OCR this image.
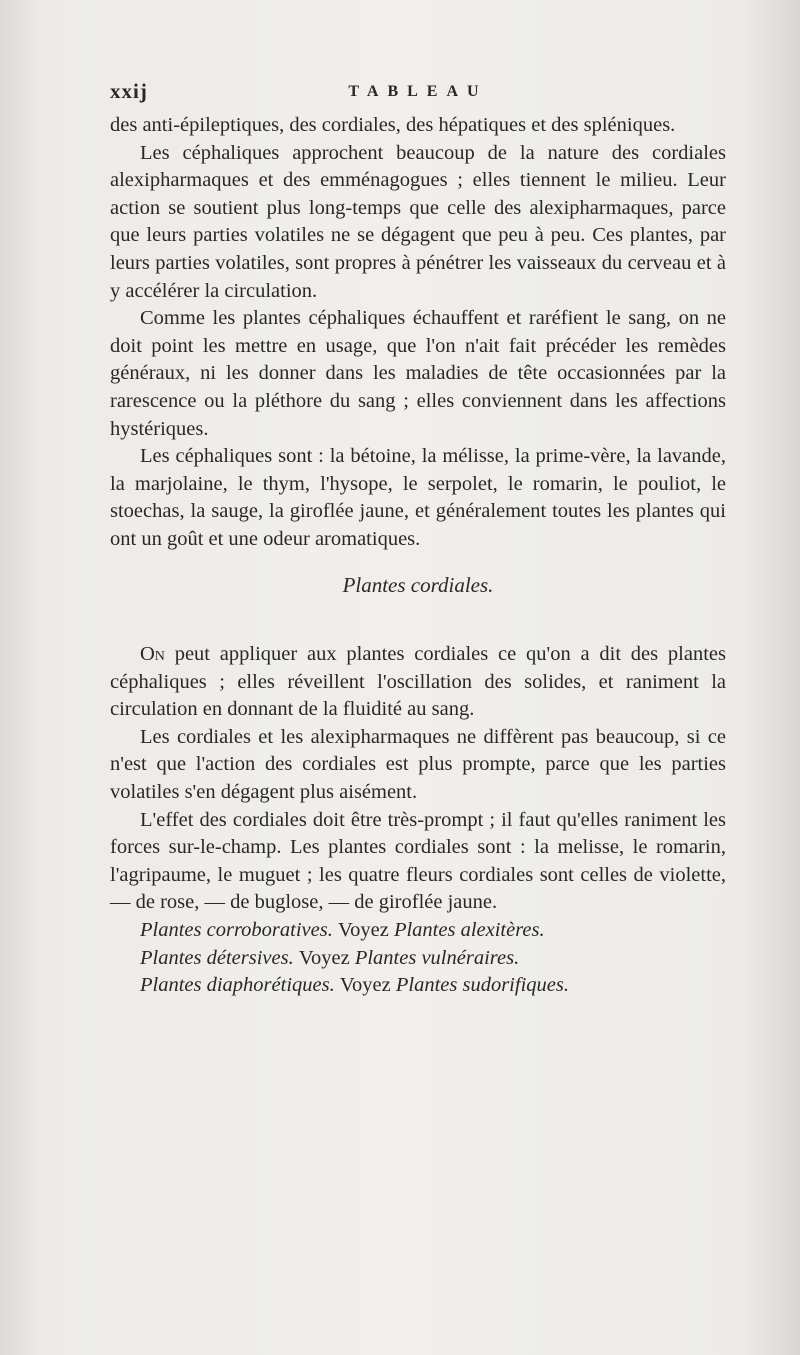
xxij	TABLEAU

des anti-épileptiques, des cordiales, des hépatiques et des spléniques.

Les céphaliques approchent beaucoup de la nature des cordiales alexipharmaques et des emménagogues ; elles tiennent le milieu. Leur action se soutient plus long-temps que celle des alexipharmaques, parce que leurs parties volatiles ne se dégagent que peu à peu. Ces plantes, par leurs parties volatiles, sont propres à pénétrer les vaisseaux du cerveau et à y accélérer la circulation.

Comme les plantes céphaliques échauffent et raréfient le sang, on ne doit point les mettre en usage, que l'on n'ait fait précéder les remèdes généraux, ni les donner dans les maladies de tête occasionnées par la rarescence ou la pléthore du sang ; elles conviennent dans les affections hystériques.

Les céphaliques sont : la bétoine, la mélisse, la prime-vère, la lavande, la marjolaine, le thym, l'hysope, le serpolet, le romarin, le pouliot, le stoechas, la sauge, la giroflée jaune, et généralement toutes les plantes qui ont un goût et une odeur aromatiques.

Plantes cordiales.

On peut appliquer aux plantes cordiales ce qu'on a dit des plantes céphaliques ; elles réveillent l'oscillation des solides, et raniment la circulation en donnant de la fluidité au sang.

Les cordiales et les alexipharmaques ne diffèrent pas beaucoup, si ce n'est que l'action des cordiales est plus prompte, parce que les parties volatiles s'en dégagent plus aisément.

L'effet des cordiales doit être très-prompt ; il faut qu'elles raniment les forces sur-le-champ. Les plantes cordiales sont : la melisse, le romarin, l'agripaume, le muguet ; les quatre fleurs cordiales sont celles de violette, — de rose, — de buglose, — de giroflée jaune.

Plantes corroboratives. Voyez Plantes alexitères.

Plantes détersives. Voyez Plantes vulnéraires.

Plantes diaphorétiques. Voyez Plantes sudorifiques.
